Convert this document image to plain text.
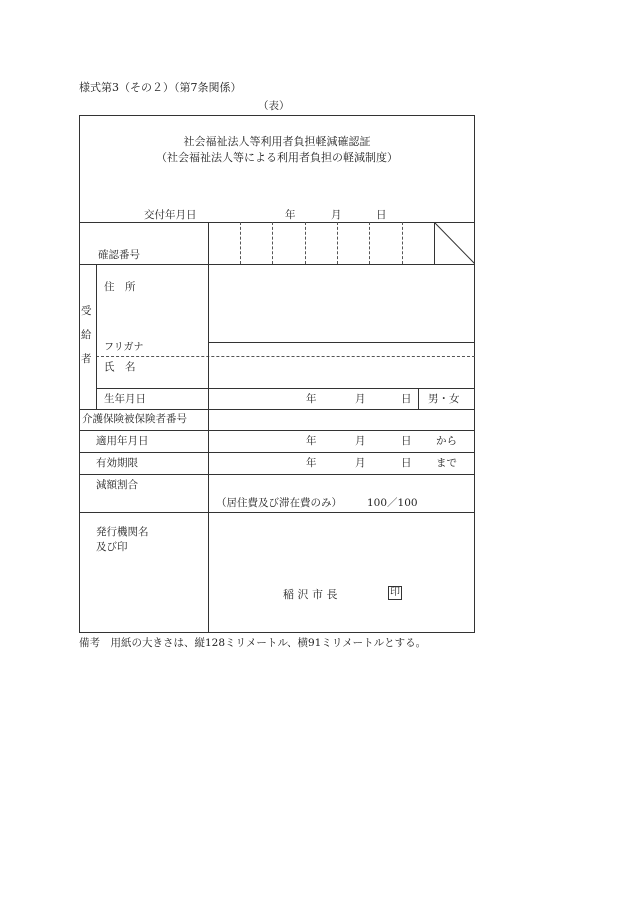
様式第3（その２）（第7条関係）
（表）
社会福祉法人等利用者負担軽減確認証
（社会福祉法人等による利用者負担の軽減制度）
交付年月日	年	月	日
確認番号
受
給
者
住　所
フリガナ
氏　名
生年月日	年	月	日 男・女
介護保険被保険者番号
適用年月日	年	月	日 から
有効期限	年	月	日 まで
減額割合
（居住費及び滞在費のみ） 100／100
発行機関名
及び印
稲 沢 市 長	印
備考　用紙の大きさは、縦128ミリメートル、横91ミリメートルとする。
